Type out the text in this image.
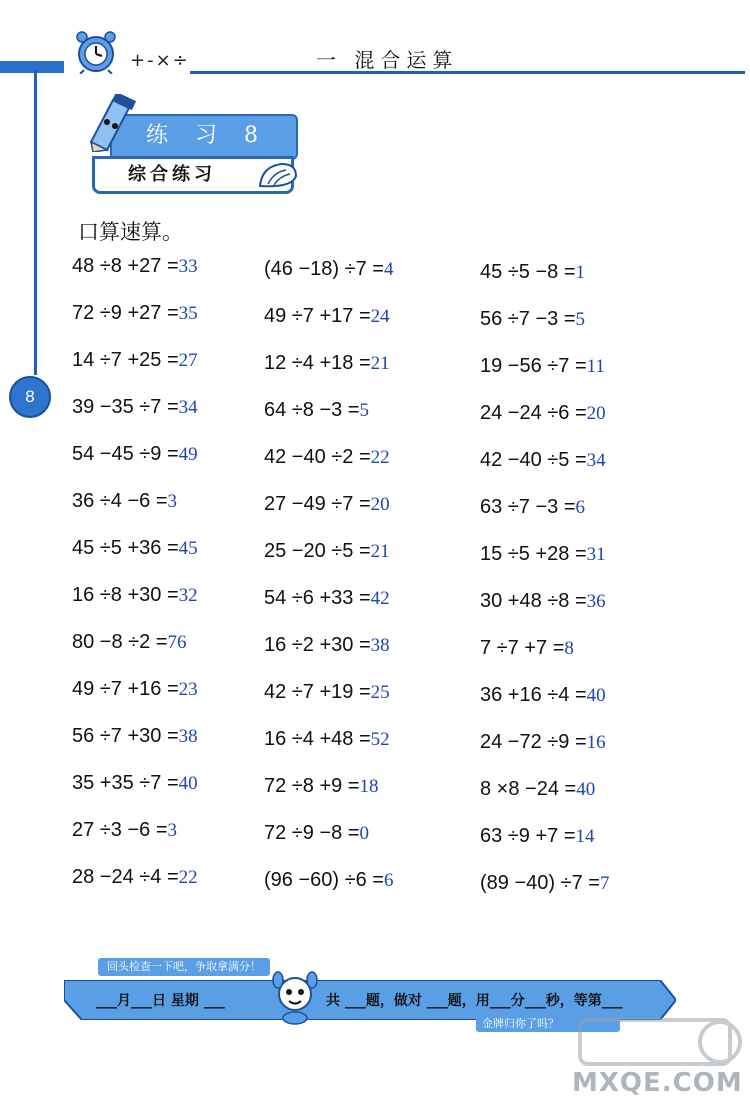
+-×÷	一 混合运算
8
练 习 8
综合练习
口算速算。
48 ÷8 +27 =33
72 ÷9 +27 =35
14 ÷7 +25 =27
39 −35 ÷7 =34
54 −45 ÷9 =49
36 ÷4 −6 =3
45 ÷5 +36 =45
16 ÷8 +30 =32
80 −8 ÷2 =76
49 ÷7 +16 =23
56 ÷7 +30 =38
35 +35 ÷7 =40
27 ÷3 −6 =3
28 −24 ÷4 =22
(46 −18) ÷7 =4
49 ÷7 +17 =24
12 ÷4 +18 =21
64 ÷8 −3 =5
42 −40 ÷2 =22
27 −49 ÷7 =20
25 −20 ÷5 =21
54 ÷6 +33 =42
16 ÷2 +30 =38
42 ÷7 +19 =25
16 ÷4 +48 =52
72 ÷8 +9 =18
72 ÷9 −8 =0
(96 −60) ÷6 =6
45 ÷5 −8 =1
56 ÷7 −3 =5
19 −56 ÷7 =11
24 −24 ÷6 =20
42 −40 ÷5 =34
63 ÷7 −3 =6
15 ÷5 +28 =31
30 +48 ÷8 =36
7 ÷7 +7 =8
36 +16 ÷4 =40
24 −72 ÷9 =16
8 ×8 −24 =40
63 ÷9 +7 =14
(89 −40) ÷7 =7
回头检查一下吧，争取拿满分！
___月___日 星期 ___	共 ___题，做对 ___题，用___分___秒，等第___
金牌归你了吗？
MXQE.COM
